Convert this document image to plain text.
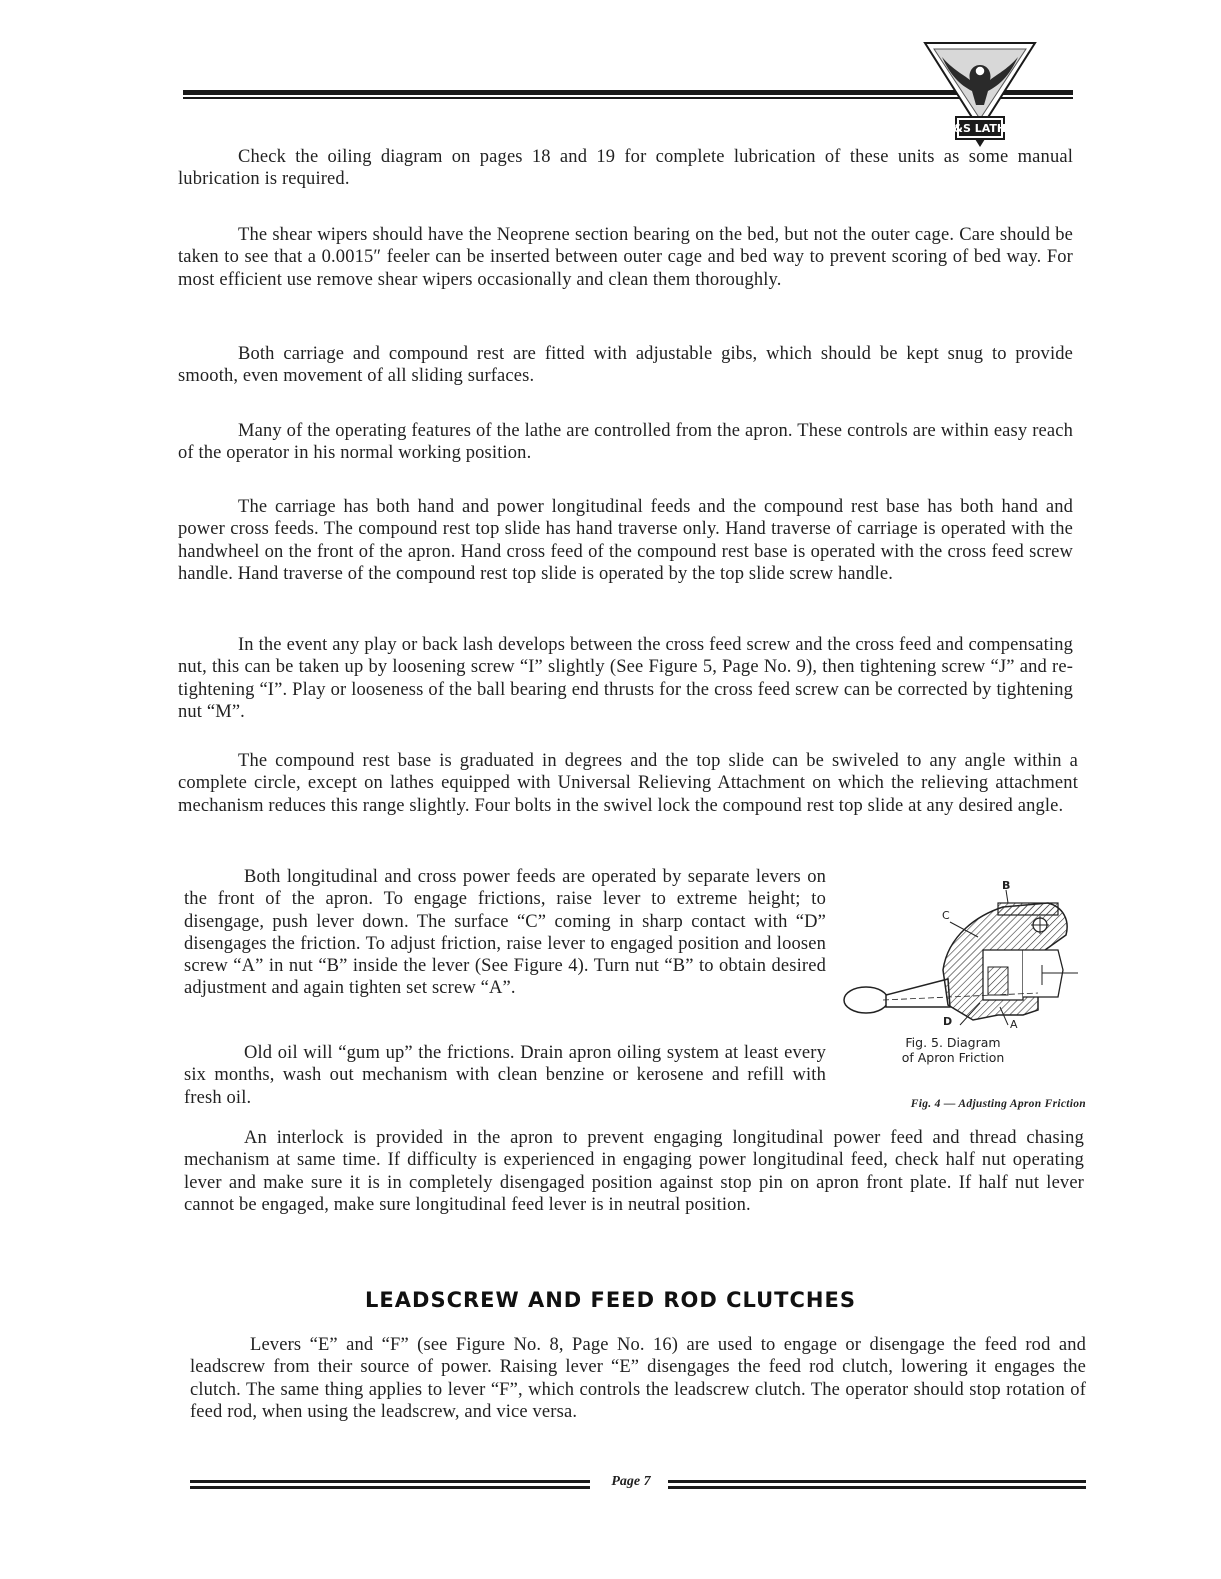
L&S LATHE

Check the oiling diagram on pages 18 and 19 for complete lubrication of these units as some manual lubrication is required.

The shear wipers should have the Neoprene section bearing on the bed, but not the outer cage. Care should be taken to see that a 0.0015″ feeler can be inserted between outer cage and bed way to prevent scoring of bed way. For most efficient use remove shear wipers occasionally and clean them thoroughly.

Both carriage and compound rest are fitted with adjustable gibs, which should be kept snug to provide smooth, even movement of all sliding surfaces.

Many of the operating features of the lathe are controlled from the apron. These controls are within easy reach of the operator in his normal working position.

The carriage has both hand and power longitudinal feeds and the compound rest base has both hand and power cross feeds. The compound rest top slide has hand traverse only. Hand traverse of carriage is operated with the handwheel on the front of the apron. Hand cross feed of the compound rest base is operated with the cross feed screw handle. Hand traverse of the compound rest top slide is operated by the top slide screw handle.

In the event any play or back lash develops between the cross feed screw and the cross feed and compensating nut, this can be taken up by loosening screw “I” slightly (See Figure 5, Page No. 9), then tightening screw “J” and re-tightening “I”. Play or looseness of the ball bearing end thrusts for the cross feed screw can be corrected by tightening nut “M”.

The compound rest base is graduated in degrees and the top slide can be swiveled to any angle within a complete circle, except on lathes equipped with Universal Relieving Attachment on which the relieving attachment mechanism reduces this range slightly. Four bolts in the swivel lock the compound rest top slide at any desired angle.

Both longitudinal and cross power feeds are operated by separate levers on the front of the apron. To engage frictions, raise lever to extreme height; to disengage, push lever down. The surface “C” coming in sharp contact with “D” disengages the friction. To adjust friction, raise lever to engaged position and loosen screw “A” in nut “B” inside the lever (See Figure 4). Turn nut “B” to obtain desired adjustment and again tighten set screw “A”.

Old oil will “gum up” the frictions. Drain apron oiling system at least every six months, wash out mechanism with clean benzine or kerosene and refill with fresh oil.

An interlock is provided in the apron to prevent engaging longitudinal power feed and thread chasing mechanism at same time. If difficulty is experienced in engaging power longitudinal feed, check half nut operating lever and make sure it is in completely disengaged position against stop pin on apron front plate. If half nut lever cannot be engaged, make sure longitudinal feed lever is in neutral position.

B
C
D	A
Fig. 5. Diagram
of Apron Friction
Fig. 4 — Adjusting Apron Friction
LEADSCREW AND FEED ROD CLUTCHES

Levers “E” and “F” (see Figure No. 8, Page No. 16) are used to engage or disengage the feed rod and leadscrew from their source of power. Raising lever “E” disengages the feed rod clutch, lowering it engages the clutch. The same thing applies to lever “F”, which controls the leadscrew clutch. The operator should stop rotation of feed rod, when using the leadscrew, and vice versa.

Page 7
